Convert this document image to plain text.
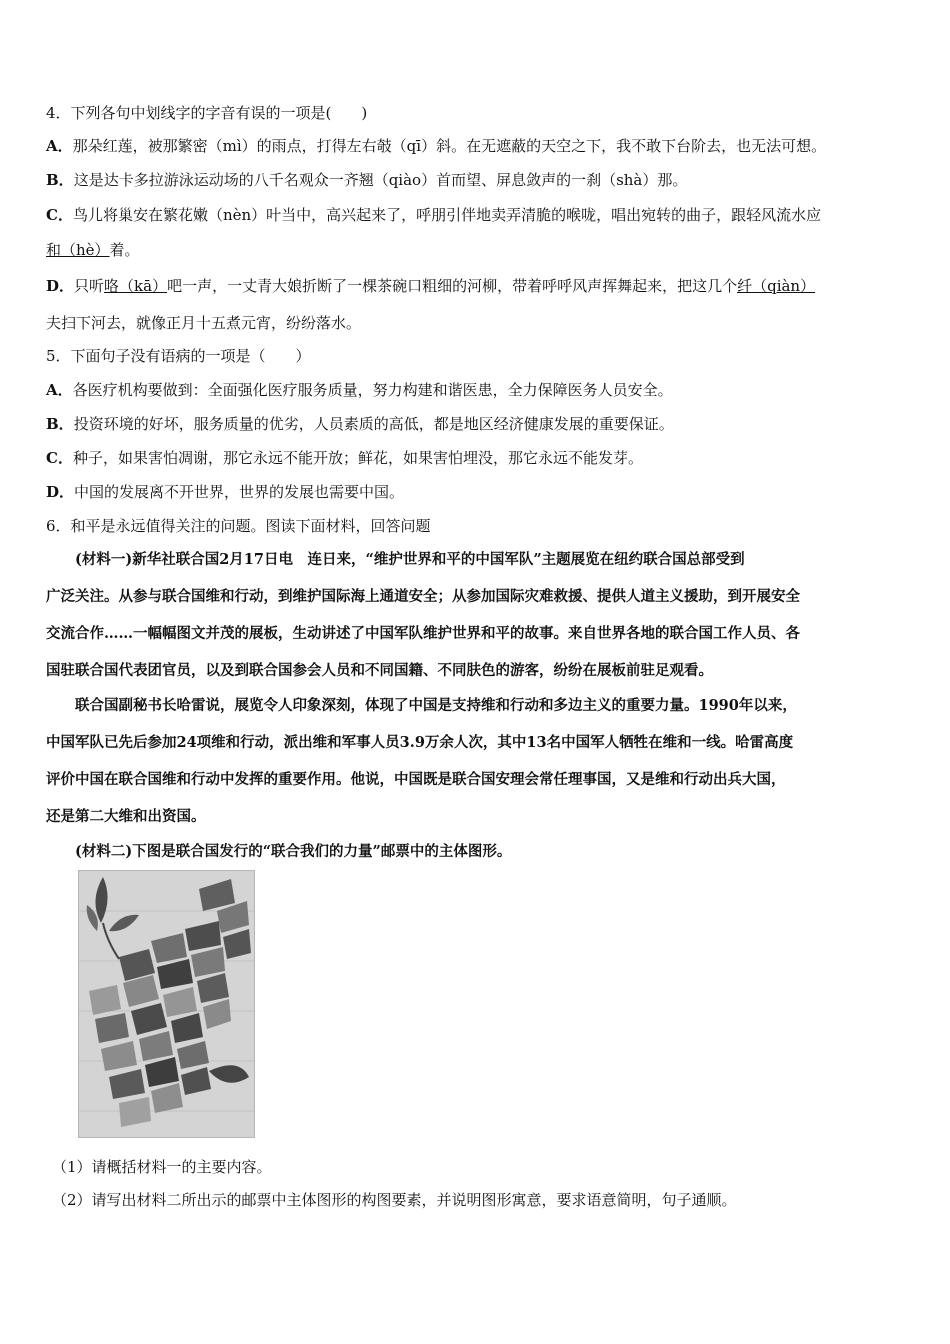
4．下列各句中划线字的字音有误的一项是(　　)
A．那朵红莲，被那繁密（mì）的雨点，打得左右攲（qī）斜。在无遮蔽的天空之下，我不敢下台阶去，也无法可想。
B．这是达卡多拉游泳运动场的八千名观众一齐翘（qiào）首而望、屏息敛声的一刹（shà）那。
C．鸟儿将巢安在繁花嫩（nèn）叶当中，高兴起来了，呼朋引伴地卖弄清脆的喉咙，唱出宛转的曲子，跟轻风流水应
和（hè）着。
D．只听咯（kā）吧一声，一丈青大娘折断了一棵茶碗口粗细的河柳，带着呼呼风声挥舞起来，把这几个纤（qiàn）
夫扫下河去，就像正月十五煮元宵，纷纷落水。
5．下面句子没有语病的一项是（　　）
A．各医疗机构要做到：全面强化医疗服务质量，努力构建和谐医患，全力保障医务人员安全。
B．投资环境的好坏，服务质量的优劣，人员素质的高低，都是地区经济健康发展的重要保证。
C．种子，如果害怕凋谢，那它永远不能开放；鲜花，如果害怕埋没，那它永远不能发芽。
D．中国的发展离不开世界，世界的发展也需要中国。
6．和平是永远值得关注的问题。图读下面材料，回答问题
　　(材料一)新华社联合国2月17日电　连日来，“维护世界和平的中国军队”主题展览在纽约联合国总部受到
广泛关注。从参与联合国维和行动，到维护国际海上通道安全；从参加国际灾难救援、提供人道主义援助，到开展安全
交流合作……一幅幅图文并茂的展板，生动讲述了中国军队维护世界和平的故事。来自世界各地的联合国工作人员、各
国驻联合国代表团官员，以及到联合国参会人员和不同国籍、不同肤色的游客，纷纷在展板前驻足观看。
　　联合国副秘书长哈雷说，展览令人印象深刻，体现了中国是支持维和行动和多边主义的重要力量。1990年以来，
中国军队已先后参加24项维和行动，派出维和军事人员3.9万余人次，其中13名中国军人牺牲在维和一线。哈雷高度
评价中国在联合国维和行动中发挥的重要作用。他说，中国既是联合国安理会常任理事国，又是维和行动出兵大国，
还是第二大维和出资国。
　　(材料二)下图是联合国发行的“联合我们的力量”邮票中的主体图形。
（1）请概括材料一的主要内容。
（2）请写出材料二所出示的邮票中主体图形的构图要素，并说明图形寓意，要求语意简明，句子通顺。
